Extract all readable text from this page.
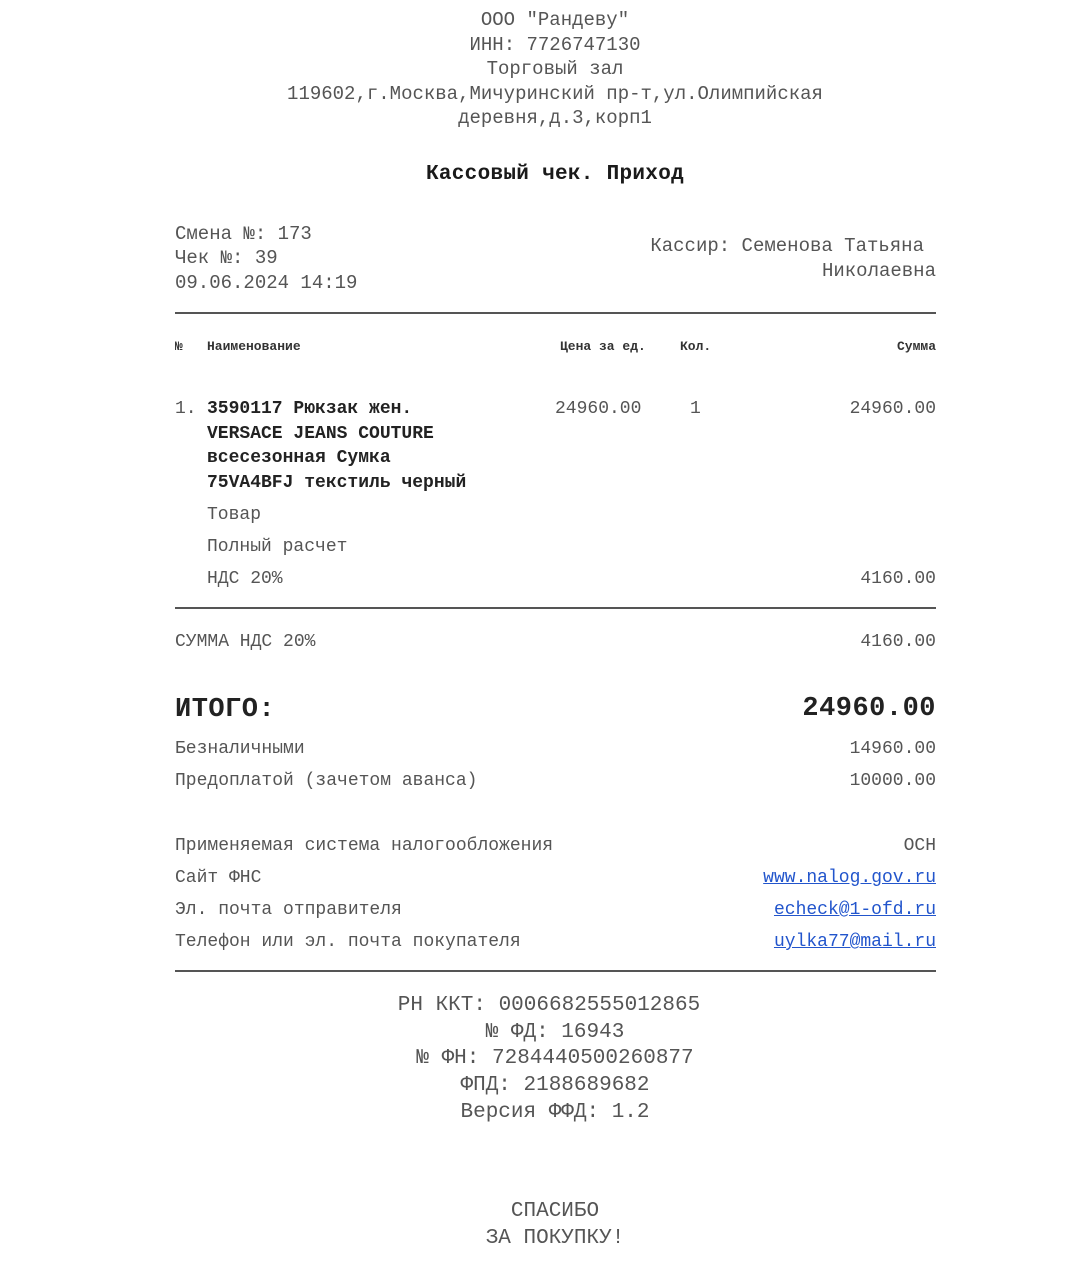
ООО "Рандеву"
ИНН: 7726747130
Торговый зал
119602,г.Москва,Мичуринский пр-т,ул.Олимпийская
деревня,д.3,корп1
Кассовый чек. Приход
Смена №: 173
Чек №: 39
09.06.2024 14:19
Кассир: Семенова Татьяна
Николаевна
№ Наименование	Цена за ед.	Кол.	Сумма
1. 3590117 Рюкзак жен.
VERSACE JEANS COUTURE
всесезонная Сумка
75VA4BFJ текстиль черный
24960.00	1	24960.00
Товар
Полный расчет
НДС 20%	4160.00
СУММА НДС 20%	4160.00
ИТОГО:	24960.00
Безналичными	14960.00
Предоплатой (зачетом аванса)	10000.00
Применяемая система налогообложения	ОСН
Сайт ФНС	www.nalog.gov.ru
Эл. почта отправителя	echeck@1-ofd.ru
Телефон или эл. почта покупателя	uylka77@mail.ru
РН ККТ: 0006682555012865
№ ФД: 16943
№ ФН: 7284440500260877
ФПД: 2188689682
Версия ФФД: 1.2
СПАСИБО
ЗА ПОКУПКУ!
